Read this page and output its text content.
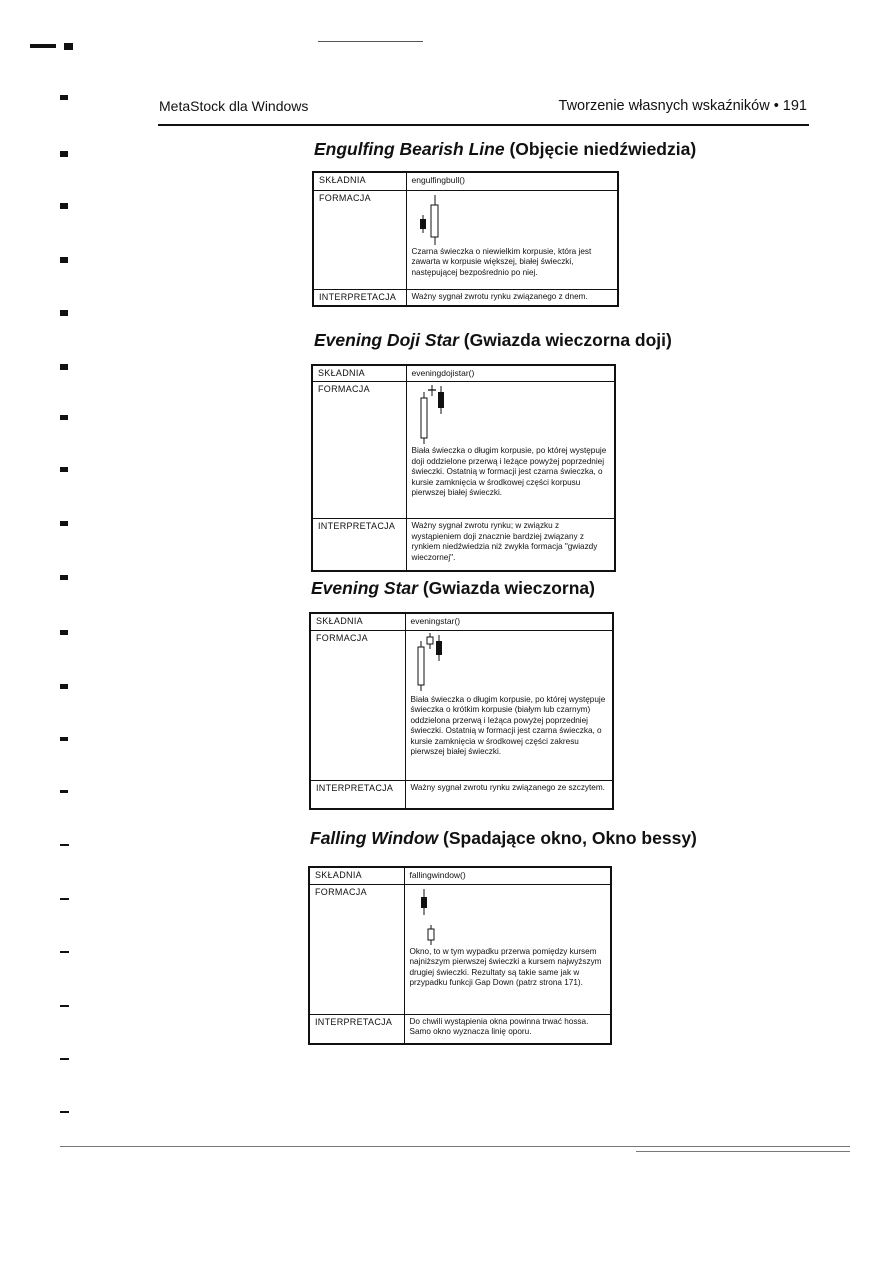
MetaStock dla Windows	Tworzenie własnych wskaźników • 191
Engulfing Bearish Line (Objęcie niedźwiedzia)
SKŁADNIA	engulfingbull()
FORMACJA	Czarna świeczka o niewielkim korpusie, która jest zawarta w korpusie większej, białej świeczki, następującej bezpośrednio po niej.

INTERPRETACJA	Ważny sygnał zwrotu rynku związanego z dnem.
Evening Doji Star (Gwiazda wieczorna doji)
SKŁADNIA	eveningdojistar()
FORMACJA	Biała świeczka o długim korpusie, po której występuje doji oddzielone przerwą i leżące powyżej poprzedniej świeczki. Ostatnią w formacji jest czarna świeczka, o kursie zamknięcia w środkowej części korpusu pierwszej białej świeczki.

INTERPRETACJA	Ważny sygnał zwrotu rynku; w związku z wystąpieniem doji znacznie bardziej związany z rynkiem niedźwiedzia niż zwykła formacja "gwiazdy wieczornej".
Evening Star (Gwiazda wieczorna)
SKŁADNIA	eveningstar()
FORMACJA	Biała świeczka o długim korpusie, po której występuje świeczka o krótkim korpusie (białym lub czarnym) oddzielona przerwą i leżąca powyżej poprzedniej świeczki. Ostatnią w formacji jest czarna świeczka, o kursie zamknięcia w środkowej części zakresu pierwszej białej świeczki.

INTERPRETACJA	Ważny sygnał zwrotu rynku związanego ze szczytem.
Falling Window (Spadające okno, Okno bessy)
SKŁADNIA	fallingwindow()
FORMACJA	Okno, to w tym wypadku przerwa pomiędzy kursem najniższym pierwszej świeczki a kursem najwyższym drugiej świeczki. Rezultaty są takie same jak w przypadku funkcji Gap Down (patrz strona 171).

INTERPRETACJA	Do chwili wystąpienia okna powinna trwać hossa. Samo okno wyznacza linię oporu.
